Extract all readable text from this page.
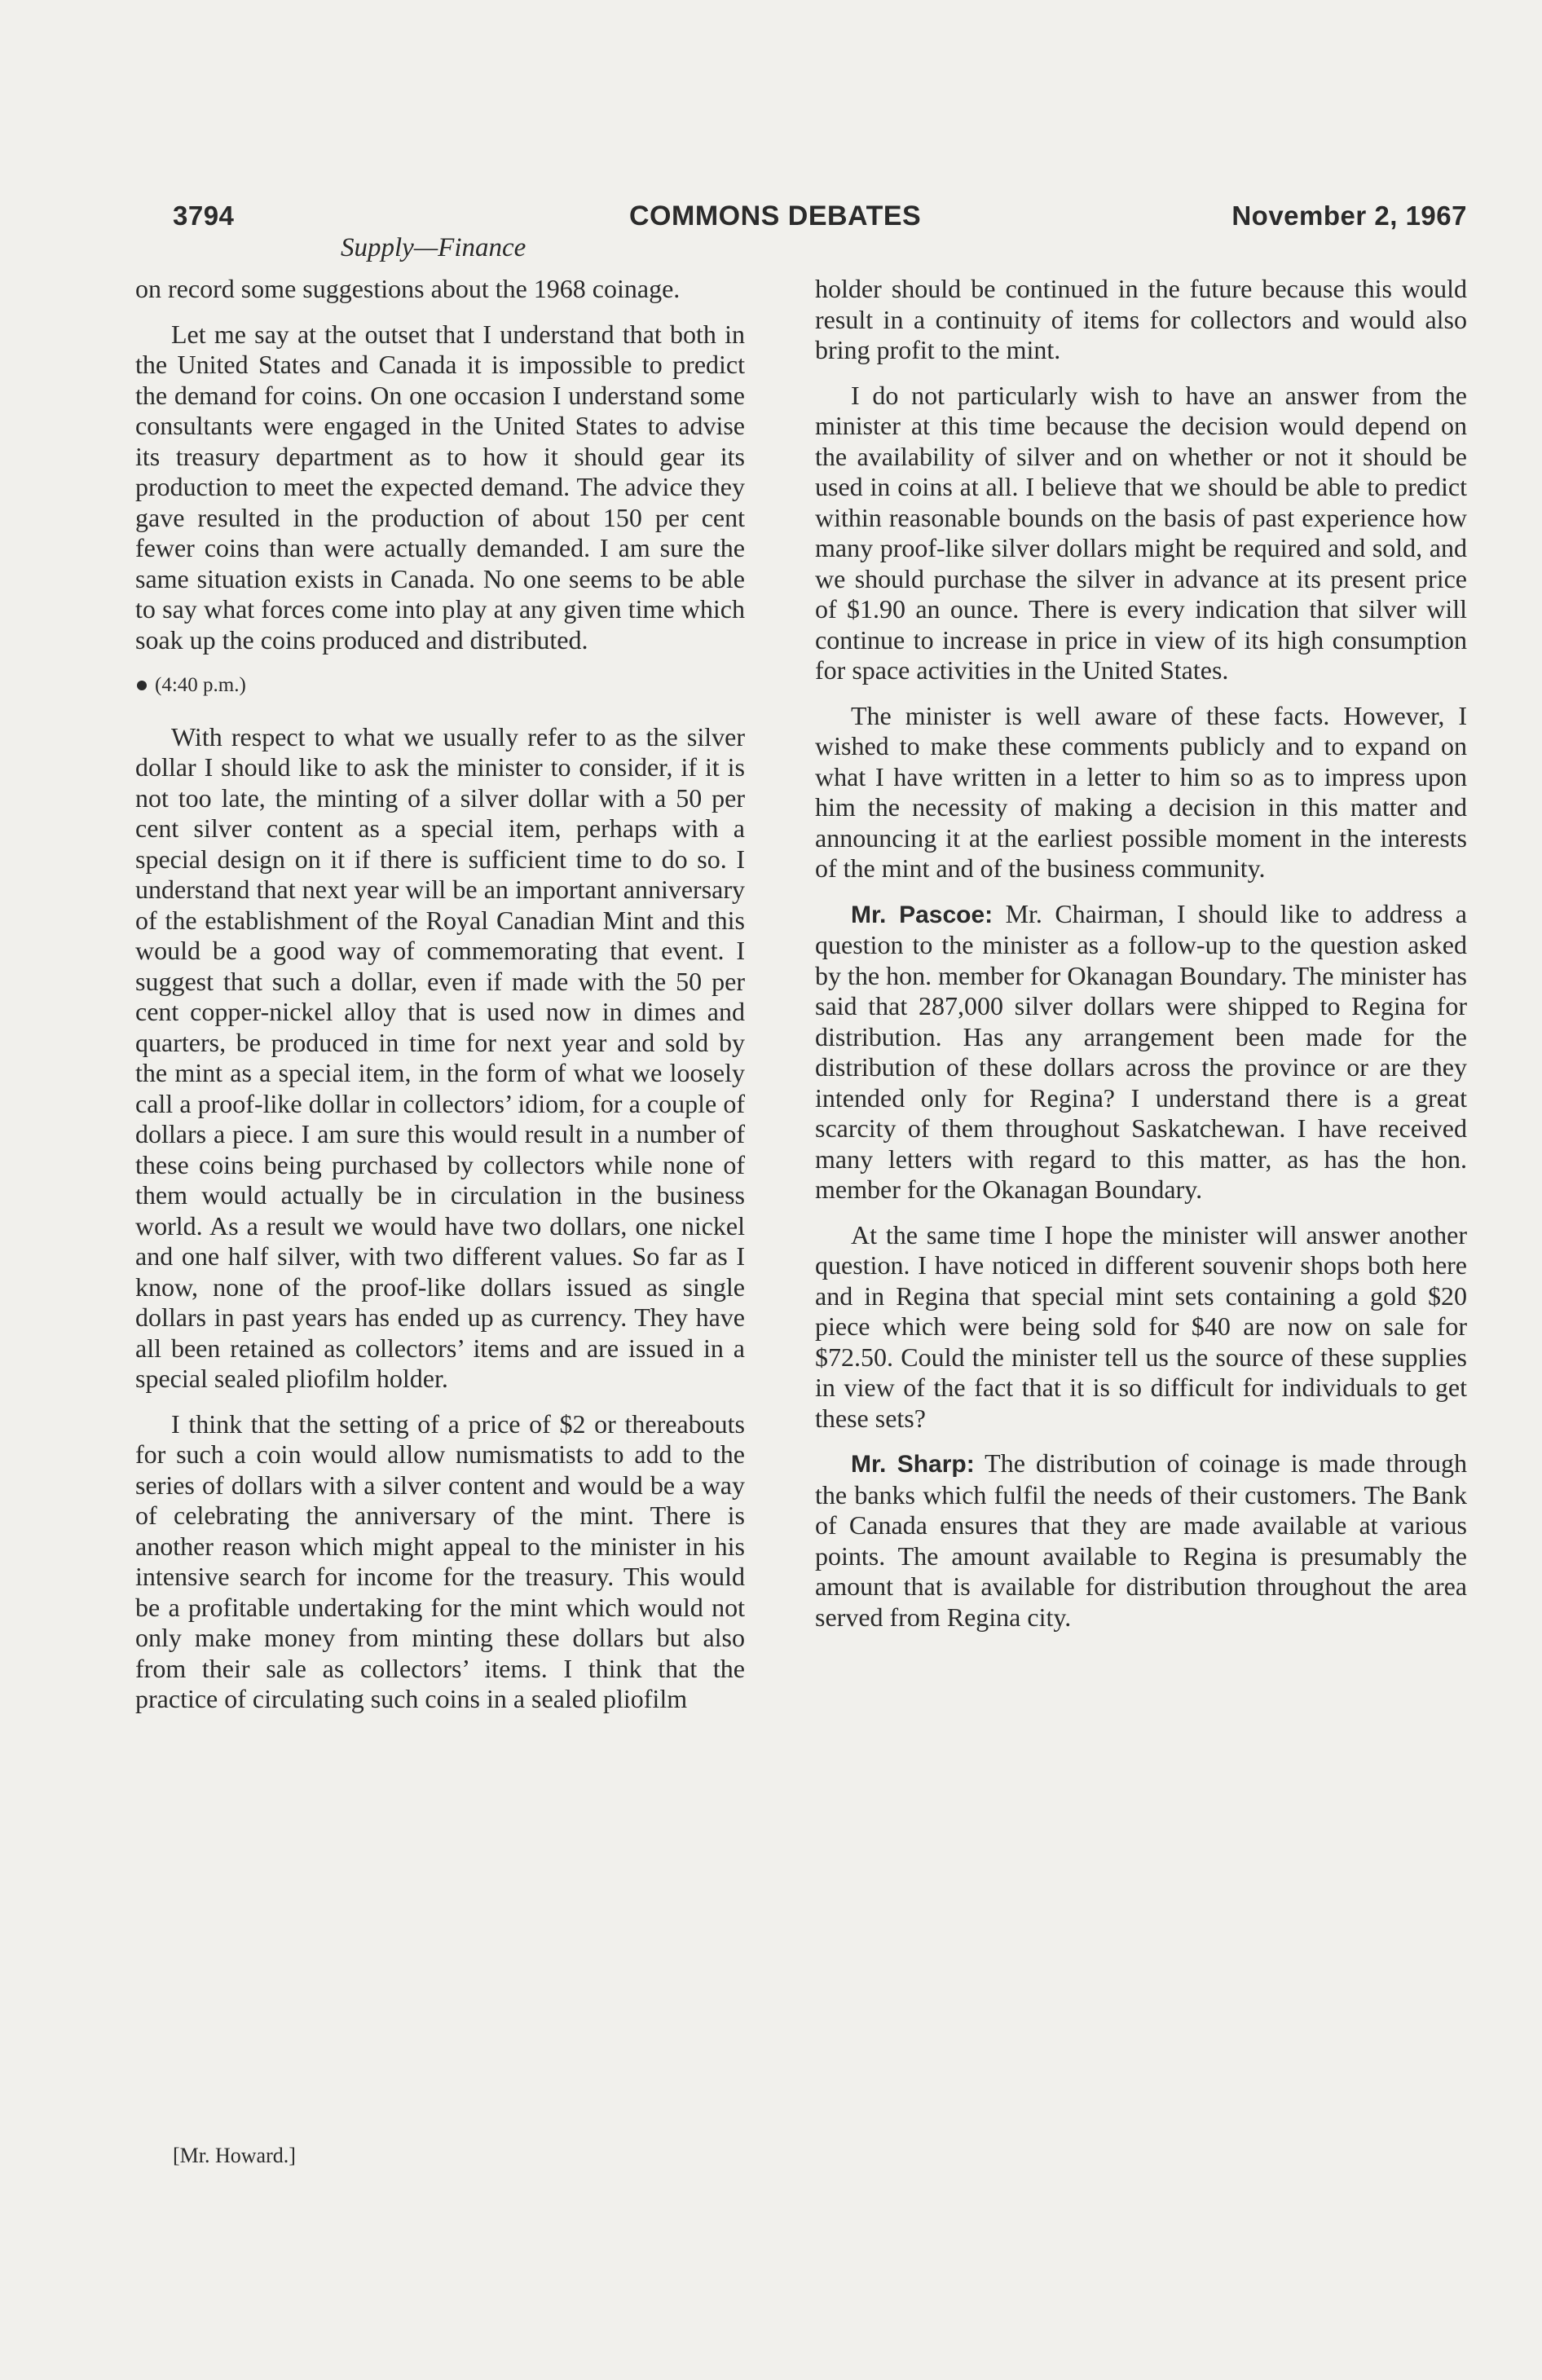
3794	COMMONS DEBATES	November 2, 1967
Supply—Finance

on record some suggestions about the 1968 coinage.

Let me say at the outset that I understand that both in the United States and Canada it is impossible to predict the demand for coins. On one occasion I understand some consultants were engaged in the United States to advise its treasury department as to how it should gear its production to meet the expected demand. The advice they gave resulted in the production of about 150 per cent fewer coins than were actually demanded. I am sure the same situation exists in Canada. No one seems to be able to say what forces come into play at any given time which soak up the coins produced and distributed.

(4:40 p.m.)

With respect to what we usually refer to as the silver dollar I should like to ask the minister to consider, if it is not too late, the minting of a silver dollar with a 50 per cent silver content as a special item, perhaps with a special design on it if there is sufficient time to do so. I understand that next year will be an important anniversary of the establishment of the Royal Canadian Mint and this would be a good way of commemorating that event. I suggest that such a dollar, even if made with the 50 per cent copper-nickel alloy that is used now in dimes and quarters, be produced in time for next year and sold by the mint as a special item, in the form of what we loosely call a proof-like dollar in collectors’ idiom, for a couple of dollars a piece. I am sure this would result in a number of these coins being purchased by collectors while none of them would actually be in circulation in the business world. As a result we would have two dollars, one nickel and one half silver, with two different values. So far as I know, none of the proof-like dollars issued as single dollars in past years has ended up as currency. They have all been retained as collectors’ items and are issued in a special sealed pliofilm holder.

I think that the setting of a price of $2 or thereabouts for such a coin would allow numismatists to add to the series of dollars with a silver content and would be a way of celebrating the anniversary of the mint. There is another reason which might appeal to the minister in his intensive search for income for the treasury. This would be a profitable undertaking for the mint which would not only make money from minting these dollars but also from their sale as collectors’ items. I think that the practice of circulating such coins in a sealed pliofilm

holder should be continued in the future because this would result in a continuity of items for collectors and would also bring profit to the mint.

I do not particularly wish to have an answer from the minister at this time because the decision would depend on the availability of silver and on whether or not it should be used in coins at all. I believe that we should be able to predict within reasonable bounds on the basis of past experience how many proof-like silver dollars might be required and sold, and we should purchase the silver in advance at its present price of $1.90 an ounce. There is every indication that silver will continue to increase in price in view of its high consumption for space activities in the United States.

The minister is well aware of these facts. However, I wished to make these comments publicly and to expand on what I have written in a letter to him so as to impress upon him the necessity of making a decision in this matter and announcing it at the earliest possible moment in the interests of the mint and of the business community.

Mr. Pascoe: Mr. Chairman, I should like to address a question to the minister as a follow-up to the question asked by the hon. member for Okanagan Boundary. The minister has said that 287,000 silver dollars were shipped to Regina for distribution. Has any arrangement been made for the distribution of these dollars across the province or are they intended only for Regina? I understand there is a great scarcity of them throughout Saskatchewan. I have received many letters with regard to this matter, as has the hon. member for the Okanagan Boundary.

At the same time I hope the minister will answer another question. I have noticed in different souvenir shops both here and in Regina that special mint sets containing a gold $20 piece which were being sold for $40 are now on sale for $72.50. Could the minister tell us the source of these supplies in view of the fact that it is so difficult for individuals to get these sets?

Mr. Sharp: The distribution of coinage is made through the banks which fulfil the needs of their customers. The Bank of Canada ensures that they are made available at various points. The amount available to Regina is presumably the amount that is available for distribution throughout the area served from Regina city.

[Mr. Howard.]
